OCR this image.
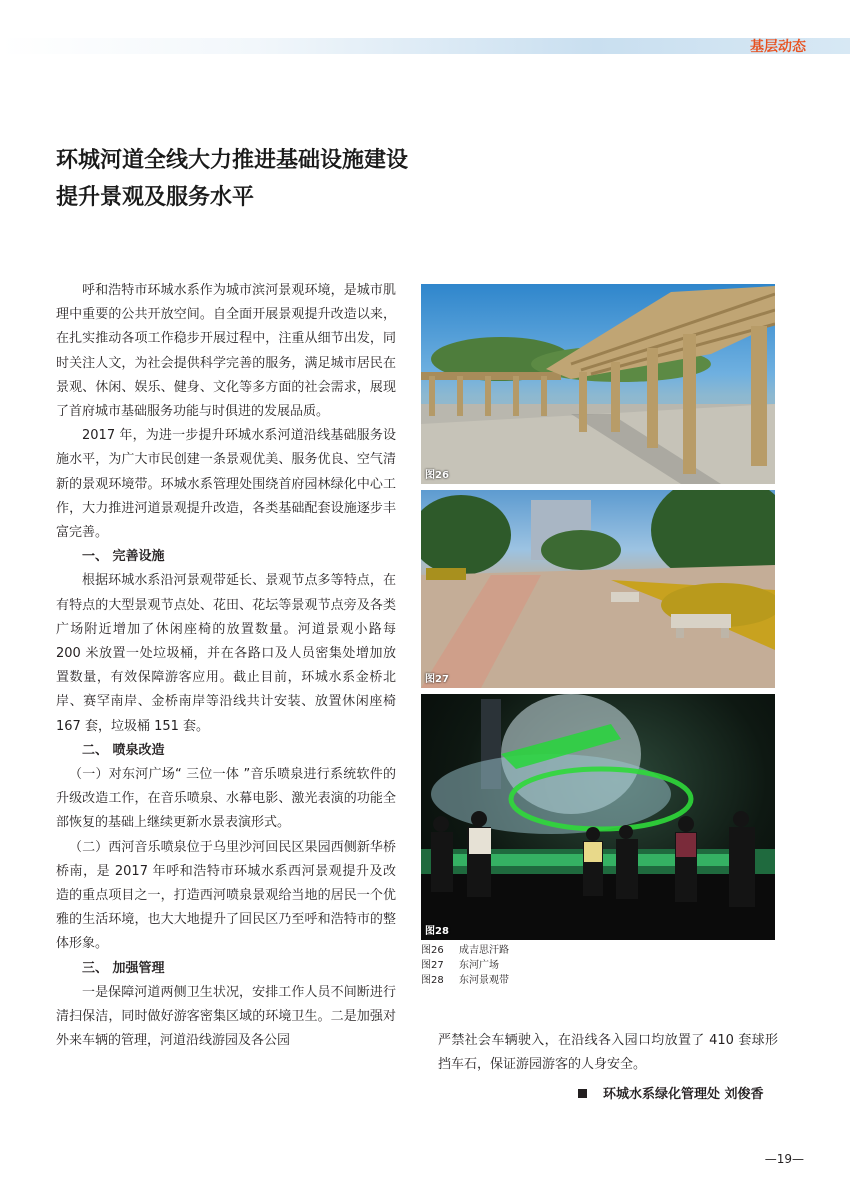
基层动态
环城河道全线大力推进基础设施建设
提升景观及服务水平

呼和浩特市环城水系作为城市滨河景观环境，是城市肌理中重要的公共开放空间。自全面开展景观提升改造以来，在扎实推动各项工作稳步开展过程中，注重从细节出发，同时关注人文，为社会提供科学完善的服务，满足城市居民在景观、休闲、娱乐、健身、文化等多方面的社会需求，展现了首府城市基础服务功能与时俱进的发展品质。

2017 年，为进一步提升环城水系河道沿线基础服务设施水平，为广大市民创建一条景观优美、服务优良、空气清新的景观环境带。环城水系管理处围绕首府园林绿化中心工作，大力推进河道景观提升改造，各类基础配套设施逐步丰富完善。

一、 完善设施

根据环城水系沿河景观带延长、景观节点多等特点，在有特点的大型景观节点处、花田、花坛等景观节点旁及各类广场附近增加了休闲座椅的放置数量。河道景观小路每 200 米放置一处垃圾桶，并在各路口及人员密集处增加放置数量，有效保障游客应用。截止目前，环城水系金桥北岸、赛罕南岸、金桥南岸等沿线共计安装、放置休闲座椅 167 套，垃圾桶 151 套。

二、 喷泉改造

（一）对东河广场“ 三位一体 ”音乐喷泉进行系统软件的升级改造工作，在音乐喷泉、水幕电影、激光表演的功能全部恢复的基础上继续更新水景表演形式。

（二）西河音乐喷泉位于乌里沙河回民区果园西侧新华桥桥南，是 2017 年呼和浩特市环城水系西河景观提升及改造的重点项目之一，打造西河喷泉景观给当地的居民一个优雅的生活环境，也大大地提升了回民区乃至呼和浩特市的整体形象。

三、 加强管理

一是保障河道两侧卫生状况，安排工作人员不间断进行清扫保洁，同时做好游客密集区域的环境卫生。二是加强对外来车辆的管理，河道沿线游园及各公园

图26
图27
图28
图26	成吉思汗路
图27	东河广场
图28	东河景观带

严禁社会车辆驶入，在沿线各入园口均放置了 410 套球形挡车石，保证游园游客的人身安全。

环城水系绿化管理处 刘俊香
—19—
